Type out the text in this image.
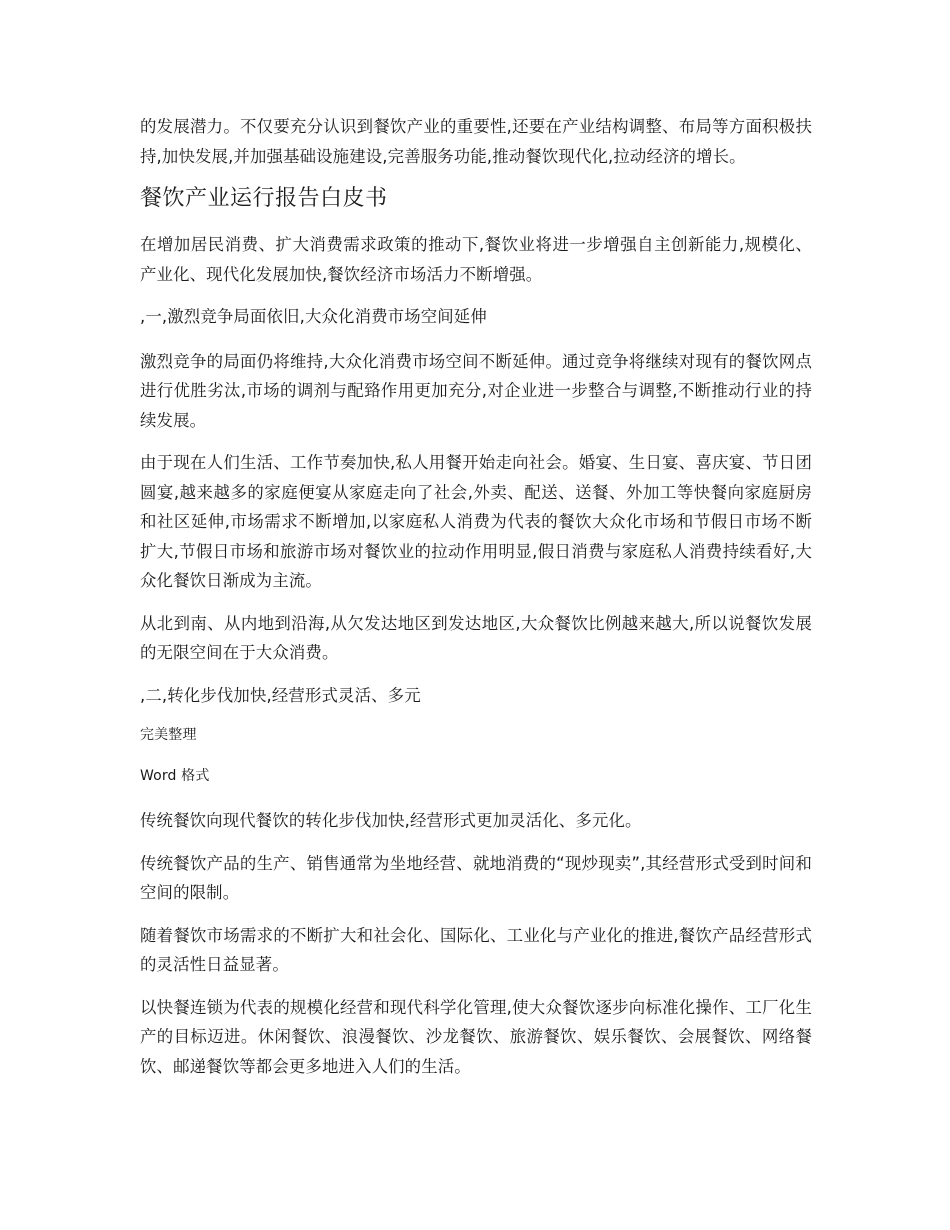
的发展潜力。不仅要充分认识到餐饮产业的重要性,还要在产业结构调整、布局等方面积极扶持,加快发展,并加强基础设施建设,完善服务功能,推动餐饮现代化,拉动经济的增长。

餐饮产业运行报告白皮书

在增加居民消费、扩大消费需求政策的推动下,餐饮业将进一步增强自主创新能力,规模化、产业化、现代化发展加快,餐饮经济市场活力不断增强。

,一,激烈竞争局面依旧,大众化消费市场空间延伸

激烈竞争的局面仍将维持,大众化消费市场空间不断延伸。通过竞争将继续对现有的餐饮网点进行优胜劣汰,市场的调剂与配臵作用更加充分,对企业进一步整合与调整,不断推动行业的持续发展。

由于现在人们生活、工作节奏加快,私人用餐开始走向社会。婚宴、生日宴、喜庆宴、节日团圆宴,越来越多的家庭便宴从家庭走向了社会,外卖、配送、送餐、外加工等快餐向家庭厨房和社区延伸,市场需求不断增加,以家庭私人消费为代表的餐饮大众化市场和节假日市场不断扩大,节假日市场和旅游市场对餐饮业的拉动作用明显,假日消费与家庭私人消费持续看好,大众化餐饮日渐成为主流。

从北到南、从内地到沿海,从欠发达地区到发达地区,大众餐饮比例越来越大,所以说餐饮发展的无限空间在于大众消费。

,二,转化步伐加快,经营形式灵活、多元

完美整理

Word 格式

传统餐饮向现代餐饮的转化步伐加快,经营形式更加灵活化、多元化。

传统餐饮产品的生产、销售通常为坐地经营、就地消费的“现炒现卖”,其经营形式受到时间和空间的限制。

随着餐饮市场需求的不断扩大和社会化、国际化、工业化与产业化的推进,餐饮产品经营形式的灵活性日益显著。

以快餐连锁为代表的规模化经营和现代科学化管理,使大众餐饮逐步向标准化操作、工厂化生产的目标迈进。休闲餐饮、浪漫餐饮、沙龙餐饮、旅游餐饮、娱乐餐饮、会展餐饮、网络餐饮、邮递餐饮等都会更多地进入人们的生活。
